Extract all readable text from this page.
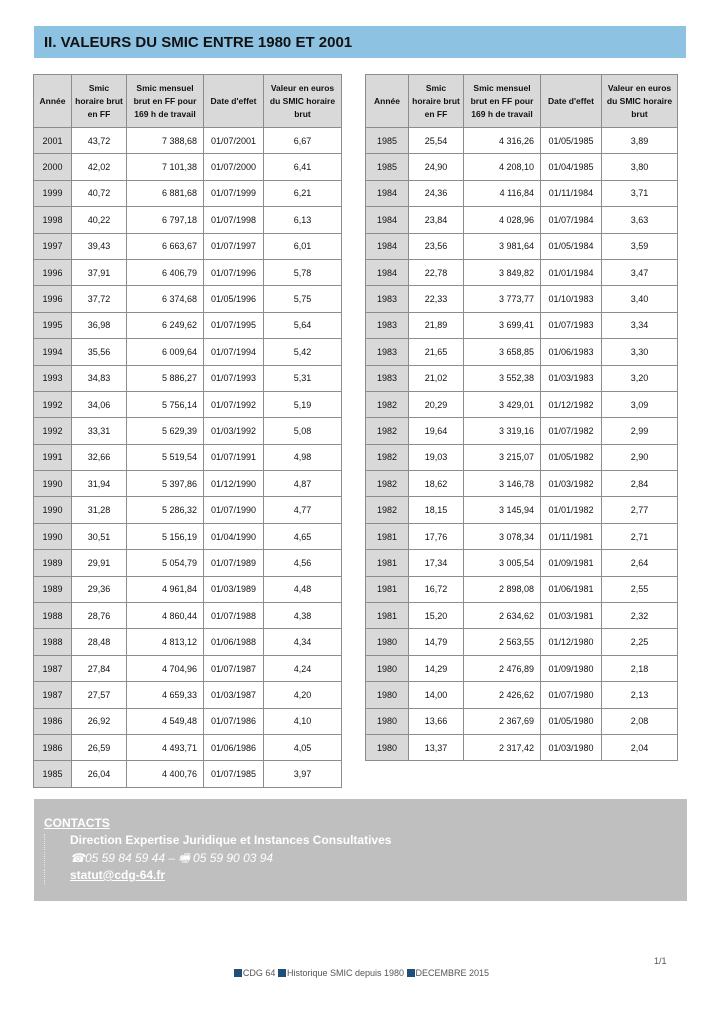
II. VALEURS DU SMIC ENTRE 1980 ET 2001
Année	Smic horaire brut en FF	Smic mensuel brut en FF pour 169 h de travail	Date d'effet	Valeur en euros du SMIC horaire brut
2001	43,72	7 388,68	01/07/2001	6,67
2000	42,02	7 101,38	01/07/2000	6,41
1999	40,72	6 881,68	01/07/1999	6,21
1998	40,22	6 797,18	01/07/1998	6,13
1997	39,43	6 663,67	01/07/1997	6,01
1996	37,91	6 406,79	01/07/1996	5,78
1996	37,72	6 374,68	01/05/1996	5,75
1995	36,98	6 249,62	01/07/1995	5,64
1994	35,56	6 009,64	01/07/1994	5,42
1993	34,83	5 886,27	01/07/1993	5,31
1992	34,06	5 756,14	01/07/1992	5,19
1992	33,31	5 629,39	01/03/1992	5,08
1991	32,66	5 519,54	01/07/1991	4,98
1990	31,94	5 397,86	01/12/1990	4,87
1990	31,28	5 286,32	01/07/1990	4,77
1990	30,51	5 156,19	01/04/1990	4,65
1989	29,91	5 054,79	01/07/1989	4,56
1989	29,36	4 961,84	01/03/1989	4,48
1988	28,76	4 860,44	01/07/1988	4,38
1988	28,48	4 813,12	01/06/1988	4,34
1987	27,84	4 704,96	01/07/1987	4,24
1987	27,57	4 659,33	01/03/1987	4,20
1986	26,92	4 549,48	01/07/1986	4,10
1986	26,59	4 493,71	01/06/1986	4,05
1985	26,04	4 400,76	01/07/1985	3,97
Année	Smic horaire brut en FF	Smic mensuel brut en FF pour 169 h de travail	Date d'effet	Valeur en euros du SMIC horaire brut
1985	25,54	4 316,26	01/05/1985	3,89
1985	24,90	4 208,10	01/04/1985	3,80
1984	24,36	4 116,84	01/11/1984	3,71
1984	23,84	4 028,96	01/07/1984	3,63
1984	23,56	3 981,64	01/05/1984	3,59
1984	22,78	3 849,82	01/01/1984	3,47
1983	22,33	3 773,77	01/10/1983	3,40
1983	21,89	3 699,41	01/07/1983	3,34
1983	21,65	3 658,85	01/06/1983	3,30
1983	21,02	3 552,38	01/03/1983	3,20
1982	20,29	3 429,01	01/12/1982	3,09
1982	19,64	3 319,16	01/07/1982	2,99
1982	19,03	3 215,07	01/05/1982	2,90
1982	18,62	3 146,78	01/03/1982	2,84
1982	18,15	3 145,94	01/01/1982	2,77
1981	17,76	3 078,34	01/11/1981	2,71
1981	17,34	3 005,54	01/09/1981	2,64
1981	16,72	2 898,08	01/06/1981	2,55
1981	15,20	2 634,62	01/03/1981	2,32
1980	14,79	2 563,55	01/12/1980	2,25
1980	14,29	2 476,89	01/09/1980	2,18
1980	14,00	2 426,62	01/07/1980	2,13
1980	13,66	2 367,69	01/05/1980	2,08
1980	13,37	2 317,42	01/03/1980	2,04
CONTACTS
Direction Expertise Juridique et Instances Consultatives
☎05 59 84 59 44 – 🖷 05 59 90 03 94
statut@cdg-64.fr
1/1
CDG 64 Historique SMIC depuis 1980 DECEMBRE 2015
